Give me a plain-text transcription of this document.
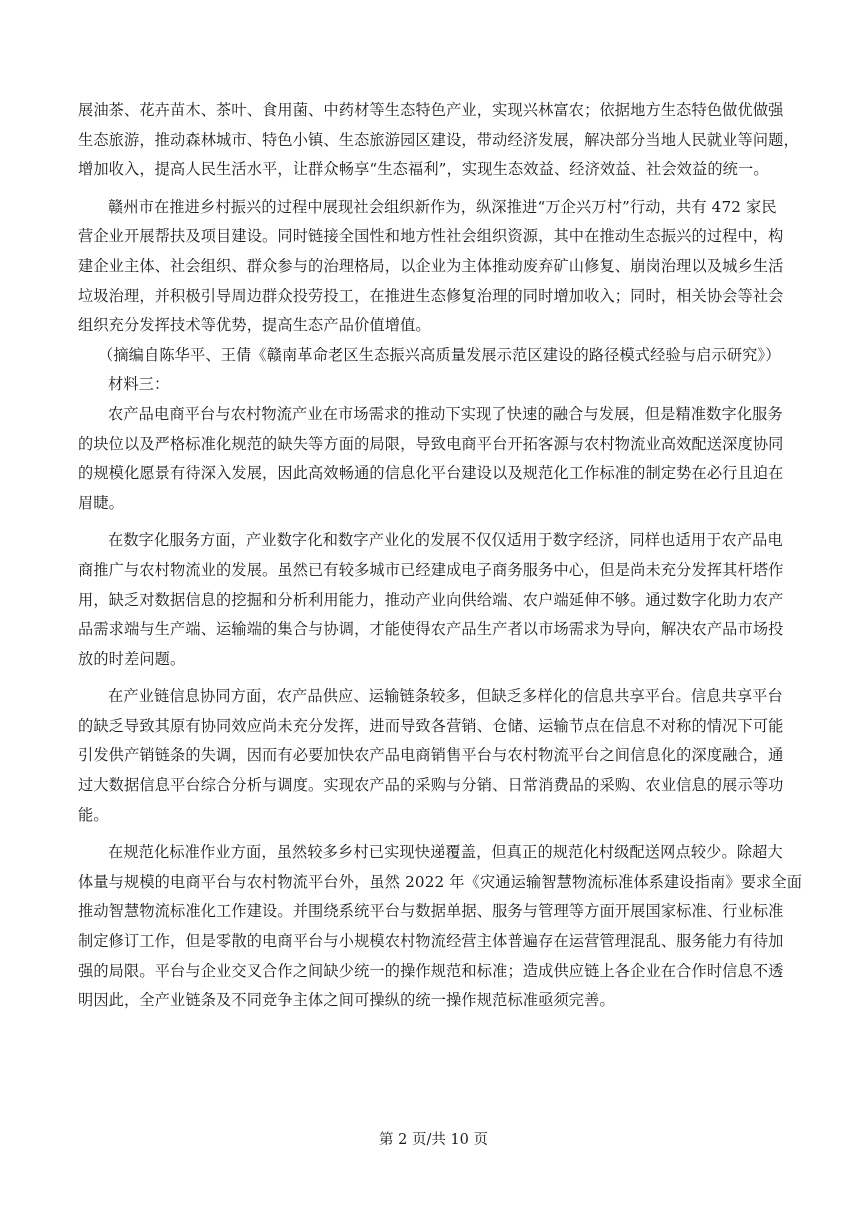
展油茶、花卉苗木、茶叶、食用菌、中药材等生态特色产业，实现兴林富农；依据地方生态特色做优做强
生态旅游，推动森林城市、特色小镇、生态旅游园区建设，带动经济发展，解决部分当地人民就业等问题，
增加收入，提高人民生活水平，让群众畅享“生态福利”，实现生态效益、经济效益、社会效益的统一。
赣州市在推进乡村振兴的过程中展现社会组织新作为，纵深推进“万企兴万村”行动，共有 472 家民
营企业开展帮扶及项目建设。同时链接全国性和地方性社会组织资源，其中在推动生态振兴的过程中，构
建企业主体、社会组织、群众参与的治理格局，以企业为主体推动废弃矿山修复、崩岗治理以及城乡生活
垃圾治理，并积极引导周边群众投劳投工，在推进生态修复治理的同时增加收入；同时，相关协会等社会
组织充分发挥技术等优势，提高生态产品价值增值。
（摘编自陈华平、王倩《赣南革命老区生态振兴高质量发展示范区建设的路径模式经验与启示研究》）
材料三：
农产品电商平台与农村物流产业在市场需求的推动下实现了快速的融合与发展，但是精准数字化服务
的块位以及严格标准化规范的缺失等方面的局限，导致电商平台开拓客源与农村物流业高效配送深度协同
的规模化愿景有待深入发展，因此高效畅通的信息化平台建设以及规范化工作标准的制定势在必行且迫在
眉睫。
在数字化服务方面，产业数字化和数字产业化的发展不仅仅适用于数字经济，同样也适用于农产品电
商推广与农村物流业的发展。虽然已有较多城市已经建成电子商务服务中心，但是尚未充分发挥其杆塔作
用，缺乏对数据信息的挖掘和分析利用能力，推动产业向供给端、农户端延伸不够。通过数字化助力农产
品需求端与生产端、运输端的集合与协调，才能使得农产品生产者以市场需求为导向，解决农产品市场投
放的时差问题。
在产业链信息协同方面，农产品供应、运输链条较多，但缺乏多样化的信息共享平台。信息共享平台
的缺乏导致其原有协同效应尚未充分发挥，进而导致各营销、仓储、运输节点在信息不对称的情况下可能
引发供产销链条的失调，因而有必要加快农产品电商销售平台与农村物流平台之间信息化的深度融合，通
过大数据信息平台综合分析与调度。实现农产品的采购与分销、日常消费品的采购、农业信息的展示等功
能。
在规范化标准作业方面，虽然较多乡村已实现快递覆盖，但真正的规范化村级配送网点较少。除超大
体量与规模的电商平台与农村物流平台外，虽然 2022 年《灾通运输智慧物流标准体系建设指南》要求全面
推动智慧物流标准化工作建设。并围绕系统平台与数据单据、服务与管理等方面开展国家标准、行业标准
制定修订工作，但是零散的电商平台与小规模农村物流经营主体普遍存在运营管理混乱、服务能力有待加
强的局限。平台与企业交叉合作之间缺少统一的操作规范和标准；造成供应链上各企业在合作时信息不透
明因此，全产业链条及不同竞争主体之间可操纵的统一操作规范标准亟须完善。
第 2 页/共 10 页
